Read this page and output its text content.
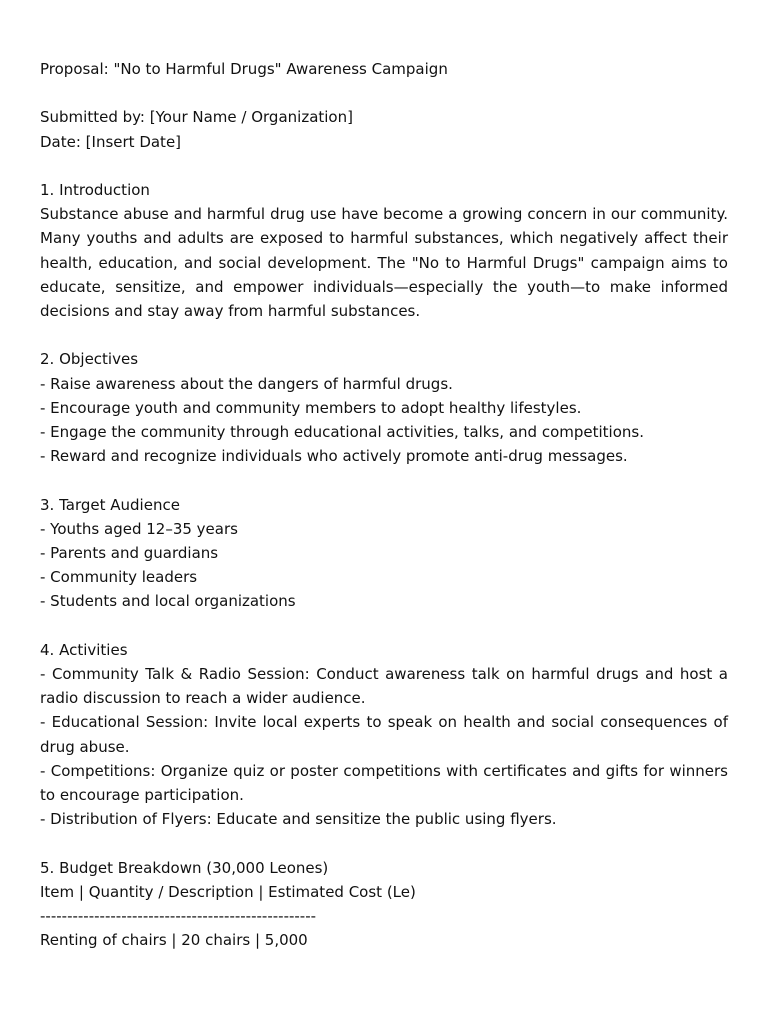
Proposal: "No to Harmful Drugs" Awareness Campaign

Submitted by: [Your Name / Organization]

Date: [Insert Date]

1. Introduction

Substance abuse and harmful drug use have become a growing concern in our community. Many youths and adults are exposed to harmful substances, which negatively affect their health, education, and social development. The "No to Harmful Drugs" campaign aims to educate, sensitize, and empower individuals—especially the youth—to make informed decisions and stay away from harmful substances.

2. Objectives

- Raise awareness about the dangers of harmful drugs.

- Encourage youth and community members to adopt healthy lifestyles.

- Engage the community through educational activities, talks, and competitions.

- Reward and recognize individuals who actively promote anti-drug messages.

3. Target Audience

- Youths aged 12–35 years

- Parents and guardians

- Community leaders

- Students and local organizations

4. Activities

- Community Talk & Radio Session: Conduct awareness talk on harmful drugs and host a radio discussion to reach a wider audience.

- Educational Session: Invite local experts to speak on health and social consequences of drug abuse.

- Competitions: Organize quiz or poster competitions with certificates and gifts for winners to encourage participation.

- Distribution of Flyers: Educate and sensitize the public using flyers.

5. Budget Breakdown (30,000 Leones)

Item | Quantity / Description | Estimated Cost (Le)

---------------------------------------------------

Renting of chairs | 20 chairs | 5,000
